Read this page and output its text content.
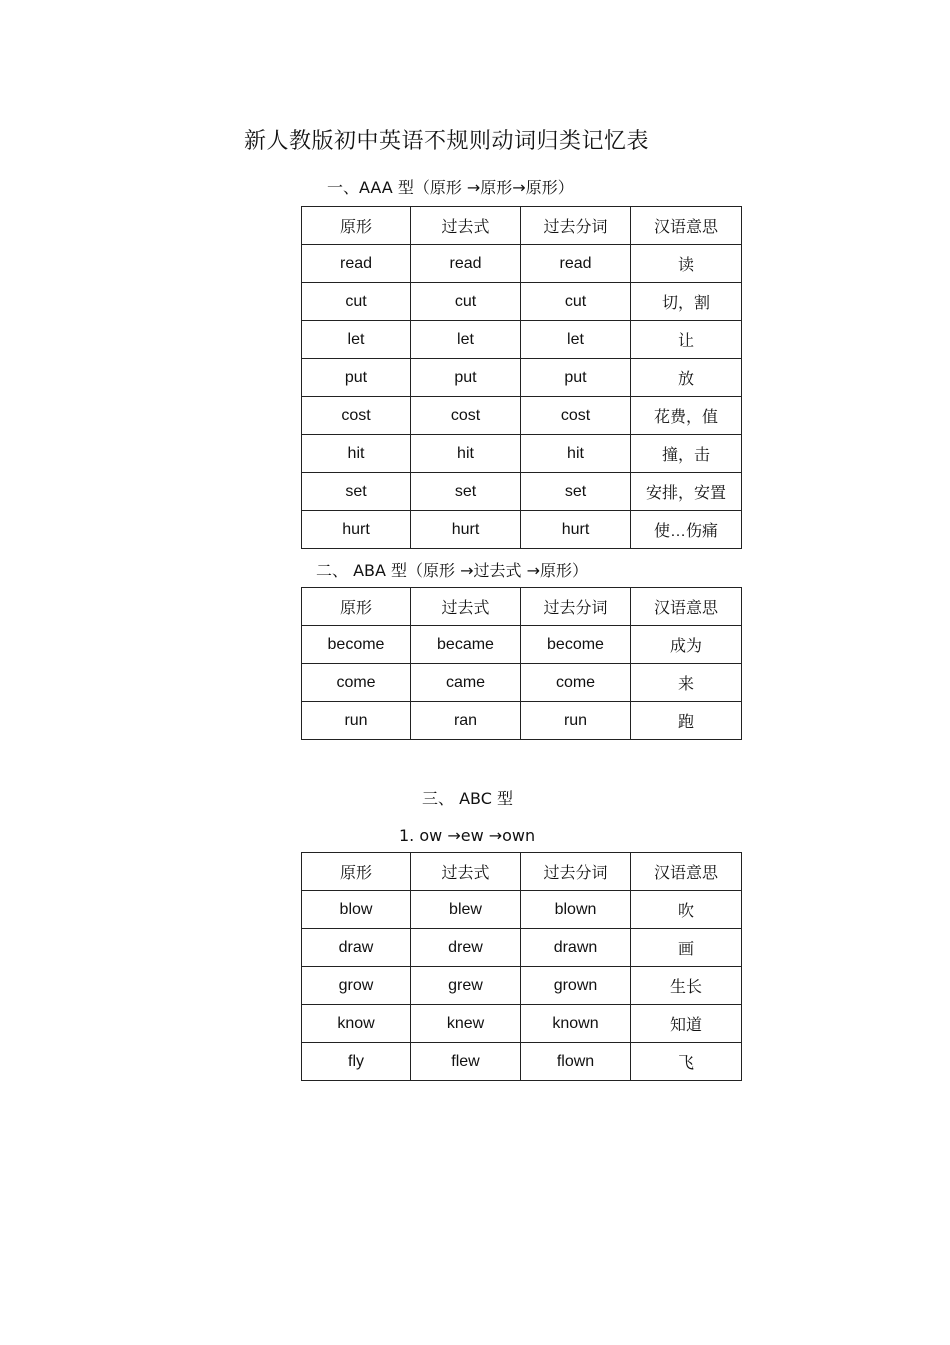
新人教版初中英语不规则动词归类记忆表
一、AAA 型（原形 →原形→原形）
原形	过去式	过去分词	汉语意思
read	read	read	读
cut	cut	cut	切，割
let	let	let	让
put	put	put	放
cost	cost	cost	花费，值
hit	hit	hit	撞，击
set	set	set	安排，安置
hurt	hurt	hurt	使…伤痛
二、 ABA 型（原形 →过去式 →原形）
原形	过去式	过去分词	汉语意思
become	became	become	成为
come	came	come	来
run	ran	run	跑
三、 ABC 型
1. ow →ew →own
原形	过去式	过去分词	汉语意思
blow	blew	blown	吹
draw	drew	drawn	画
grow	grew	grown	生长
know	knew	known	知道
fly	flew	flown	飞
